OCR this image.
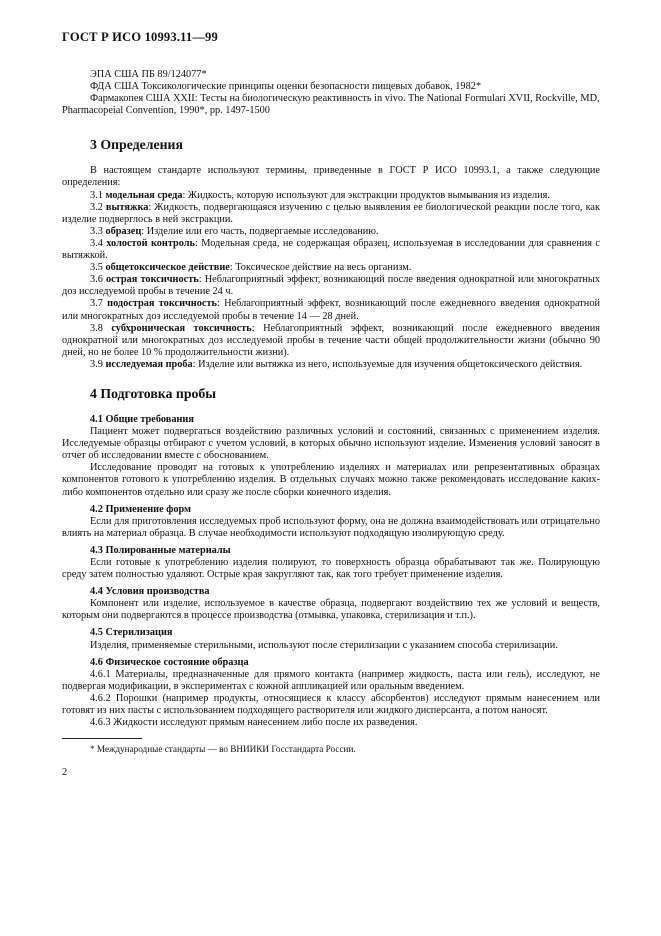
ГОСТ Р ИСО 10993.11—99

ЭПА США ПБ 89/124077*

ФДА США Токсикологические принципы оценки безопасности пищевых добавок, 1982*

Фармакопея США XXII: Тесты на биологическую реактивность in vivo. The National Formulari XVII, Rockville, MD, Pharmacopeial Convention, 1990*, pp. 1497-1500

3 Определения

В настоящем стандарте используют термины, приведенные в ГОСТ Р ИСО 10993.1, а также следующие определения:

3.1 модельная среда: Жидкость, которую используют для экстракции продуктов вымывания из изделия.

3.2 вытяжка: Жидкость, подвергающаяся изучению с целью выявления ее биологической реакции после того, как изделие подверглось в ней экстракции.

3.3 образец: Изделие или его часть, подвергаемые исследованию.

3.4 холостой контроль: Модельная среда, не содержащая образец, используемая в исследовании для сравнения с вытяжкой.

3.5 общетоксическое действие: Токсическое действие на весь организм.

3.6 острая токсичность: Неблагоприятный эффект, возникающий после введения однократной или многократных доз исследуемой пробы в течение 24 ч.

3.7 подострая токсичность: Неблагоприятный эффект, возникающий после ежедневного введения однократной или многократных доз исследуемой пробы в течение 14 — 28 дней.

3.8 субхроническая токсичность: Неблагоприятный эффект, возникающий после ежедневного введения однократной или многократных доз исследуемой пробы в течение части общей продолжительности жизни (обычно 90 дней, но не более 10 % продолжительности жизни).

3.9 исследуемая проба: Изделие или вытяжка из него, используемые для изучения общетоксического действия.

4 Подготовка пробы
4.1 Общие требования

Пациент может подвергаться воздействию различных условий и состояний, связанных с применением изделия. Исследуемые образцы отбирают с учетом условий, в которых обычно используют изделие. Изменения условий заносят в отчет об исследовании вместе с обоснованием.

Исследование проводят на готовых к употреблению изделиях и материалах или репрезентативных образцах компонентов готового к употреблению изделия. В отдельных случаях можно также рекомендовать исследование каких-либо компонентов отдельно или сразу же после сборки конечного изделия.

4.2 Применение форм

Если для приготовления исследуемых проб используют форму, она не должна взаимодействовать или отрицательно влиять на материал образца. В случае необходимости используют подходящую изолирующую среду.

4.3 Полированные материалы

Если готовые к употреблению изделия полируют, то поверхность образца обрабатывают так же. Полирующую среду затем полностью удаляют. Острые края закругляют так, как того требует применение изделия.

4.4 Условия производства

Компонент или изделие, используемое в качестве образца, подвергают воздействию тех же условий и веществ, которым они подвергаются в процессе производства (отмывка, упаковка, стерилизация и т.п.).

4.5 Стерилизация

Изделия, применяемые стерильными, используют после стерилизации с указанием способа стерилизации.

4.6 Физическое состояние образца

4.6.1 Материалы, предназначенные для прямого контакта (например жидкость, паста или гель), исследуют, не подвергая модификации, в экспериментах с кожной аппликацией или оральным введением.

4.6.2 Порошки (например продукты, относящиеся к классу абсорбентов) исследуют прямым нанесением или готовят из них пасты с использованием подходящего растворителя или жидкого дисперсанта, а потом наносят.

4.6.3 Жидкости исследуют прямым нанесением либо после их разведения.

* Международные стандарты — во ВНИИКИ Госстандарта России.
2
